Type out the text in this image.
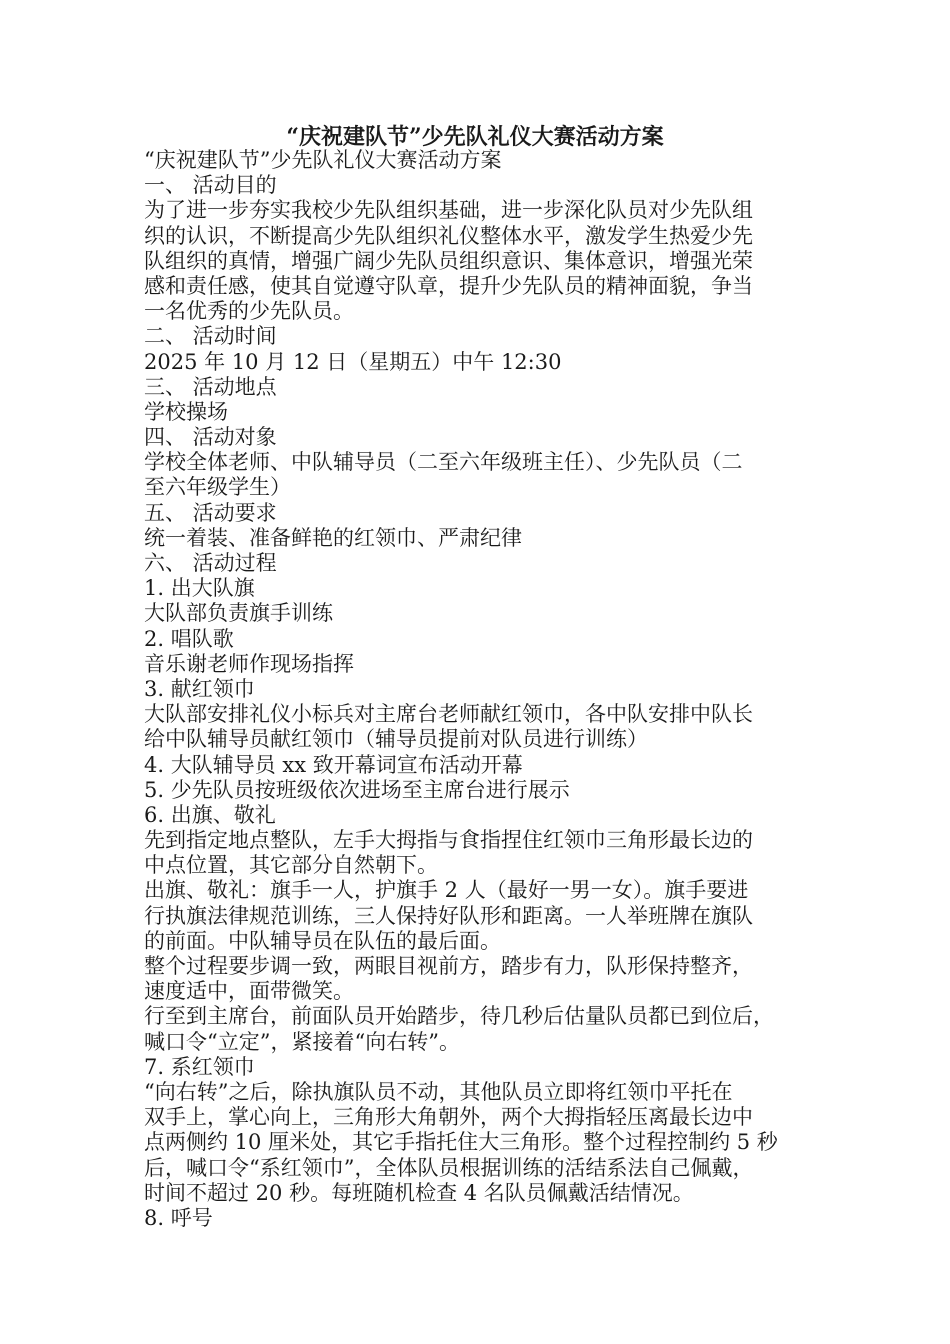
“庆祝建队节”少先队礼仪大赛活动方案
“庆祝建队节”少先队礼仪大赛活动方案
一、 活动目的
为了进一步夯实我校少先队组织基础，进一步深化队员对少先队组
织的认识，不断提高少先队组织礼仪整体水平，激发学生热爱少先
队组织的真情，增强广阔少先队员组织意识、集体意识，增强光荣
感和责任感，使其自觉遵守队章，提升少先队员的精神面貌，争当
一名优秀的少先队员。
二、 活动时间
2025 年 10 月 12 日（星期五）中午 12:30
三、 活动地点
学校操场
四、 活动对象
学校全体老师、中队辅导员（二至六年级班主任）、少先队员（二
至六年级学生）
五、 活动要求
统一着装、准备鲜艳的红领巾、严肃纪律
六、 活动过程
1. 出大队旗
大队部负责旗手训练
2. 唱队歌
音乐谢老师作现场指挥
3. 献红领巾
大队部安排礼仪小标兵对主席台老师献红领巾，各中队安排中队长
给中队辅导员献红领巾（辅导员提前对队员进行训练）
4. 大队辅导员 xx 致开幕词宣布活动开幕
5. 少先队员按班级依次进场至主席台进行展示
6. 出旗、敬礼
先到指定地点整队，左手大拇指与食指捏住红领巾三角形最长边的
中点位置，其它部分自然朝下。
出旗、敬礼：旗手一人，护旗手 2 人（最好一男一女）。旗手要进
行执旗法律规范训练，三人保持好队形和距离。一人举班牌在旗队
的前面。中队辅导员在队伍的最后面。
整个过程要步调一致，两眼目视前方，踏步有力，队形保持整齐，
速度适中，面带微笑。
行至到主席台，前面队员开始踏步，待几秒后估量队员都已到位后，
喊口令“立定”，紧接着“向右转”。
7. 系红领巾
“向右转”之后，除执旗队员不动，其他队员立即将红领巾平托在
双手上，掌心向上，三角形大角朝外，两个大拇指轻压离最长边中
点两侧约 10 厘米处，其它手指托住大三角形。整个过程控制约 5 秒
后，喊口令“系红领巾”，全体队员根据训练的活结系法自己佩戴，
时间不超过 20 秒。每班随机检查 4 名队员佩戴活结情况。
8. 呼号
